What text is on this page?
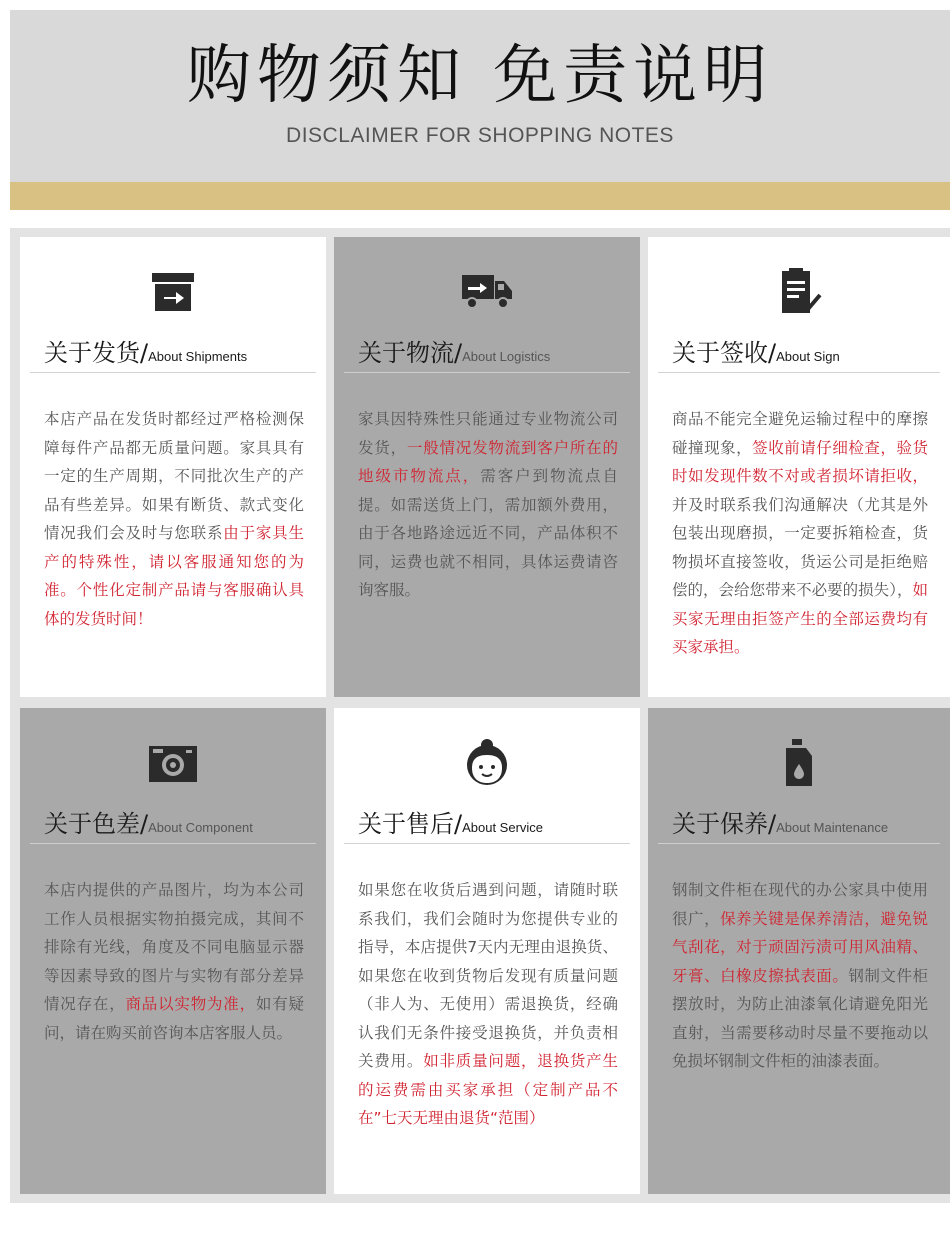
购物须知 免责说明
DISCLAIMER FOR SHOPPING NOTES
关于发货/About Shipments
本店产品在发货时都经过严格检测保障每件产品都无质量问题。家具具有一定的生产周期，不同批次生产的产品有些差异。如果有断货、款式变化情况我们会及时与您联系由于家具生产的特殊性，请以客服通知您的为准。个性化定制产品请与客服确认具体的发货时间！
关于物流/About Logistics
家具因特殊性只能通过专业物流公司发货，一般情况发物流到客户所在的地级市物流点，需客户到物流点自提。如需送货上门，需加额外费用，由于各地路途远近不同，产品体积不同，运费也就不相同，具体运费请咨询客服。
关于签收/About Sign
商品不能完全避免运输过程中的摩擦碰撞现象，签收前请仔细检查，验货时如发现件数不对或者损坏请拒收，并及时联系我们沟通解决（尤其是外包装出现磨损，一定要拆箱检查，货物损坏直接签收，货运公司是拒绝赔偿的，会给您带来不必要的损失），如买家无理由拒签产生的全部运费均有买家承担。
关于色差/About Component
本店内提供的产品图片，均为本公司工作人员根据实物拍摄完成，其间不排除有光线，角度及不同电脑显示器等因素导致的图片与实物有部分差异情况存在，商品以实物为准，如有疑问，请在购买前咨询本店客服人员。
关于售后/About Service
如果您在收货后遇到问题，请随时联系我们，我们会随时为您提供专业的指导，本店提供7天内无理由退换货、如果您在收到货物后发现有质量问题（非人为、无使用）需退换货，经确认我们无条件接受退换货，并负责相关费用。如非质量问题，退换货产生的运费需由买家承担（定制产品不在”七天无理由退货“范围）
关于保养/About Maintenance
钢制文件柜在现代的办公家具中使用很广，保养关键是保养清洁，避免锐气刮花，对于顽固污渍可用风油精、牙膏、白橡皮擦拭表面。钢制文件柜摆放时，为防止油漆氧化请避免阳光直射，当需要移动时尽量不要拖动以免损坏钢制文件柜的油漆表面。
